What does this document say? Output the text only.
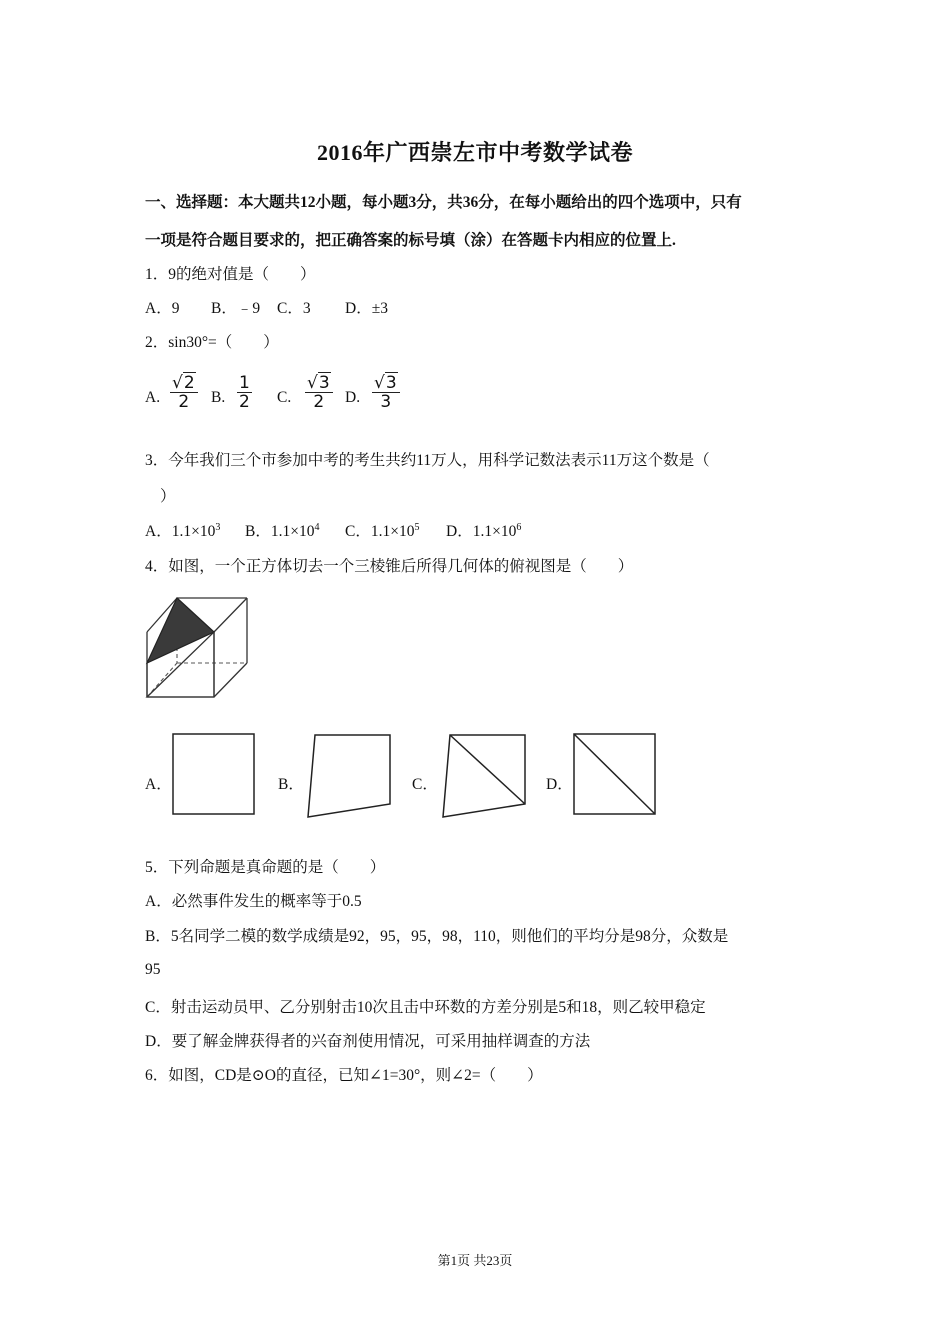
2016年广西崇左市中考数学试卷
一、选择题：本大题共12小题，每小题3分，共36分，在每小题给出的四个选项中，只有
一项是符合题目要求的，把正确答案的标号填（涂）在答题卡内相应的位置上.
1．9的绝对值是（　　）
A．9 B．﹣9 C．3 D．±3
2．sin30°=（　　）
A. $\frac{√2}{2} B$. $\frac{1}{2} C$. $\frac{√3}{2} D$. $\frac{√3}{3}$
3．今年我们三个市参加中考的考生共约11万人，用科学记数法表示11万这个数是（
）
A．$1.1\times 10^3$ B．$1.1\times 10^4$ C．$1.1\times 10^5$ D．$1.1\times 10^6$
4．如图，一个正方体切去一个三棱锥后所得几何体的俯视图是（　　）
A．	B．	C．	D．
5．下列命题是真命题的是（　　）
A．必然事件发生的概率等于0.5
B．5名同学二模的数学成绩是92，95，95，98，110，则他们的平均分是98分，众数是
95
C．射击运动员甲、乙分别射击10次且击中环数的方差分别是5和18，则乙较甲稳定
D．要了解金牌获得者的兴奋剂使用情况，可采用抽样调查的方法
6．如图，CD是⊙O的直径，已知∠1=30°，则∠2=（　　）
第1页 共23页
